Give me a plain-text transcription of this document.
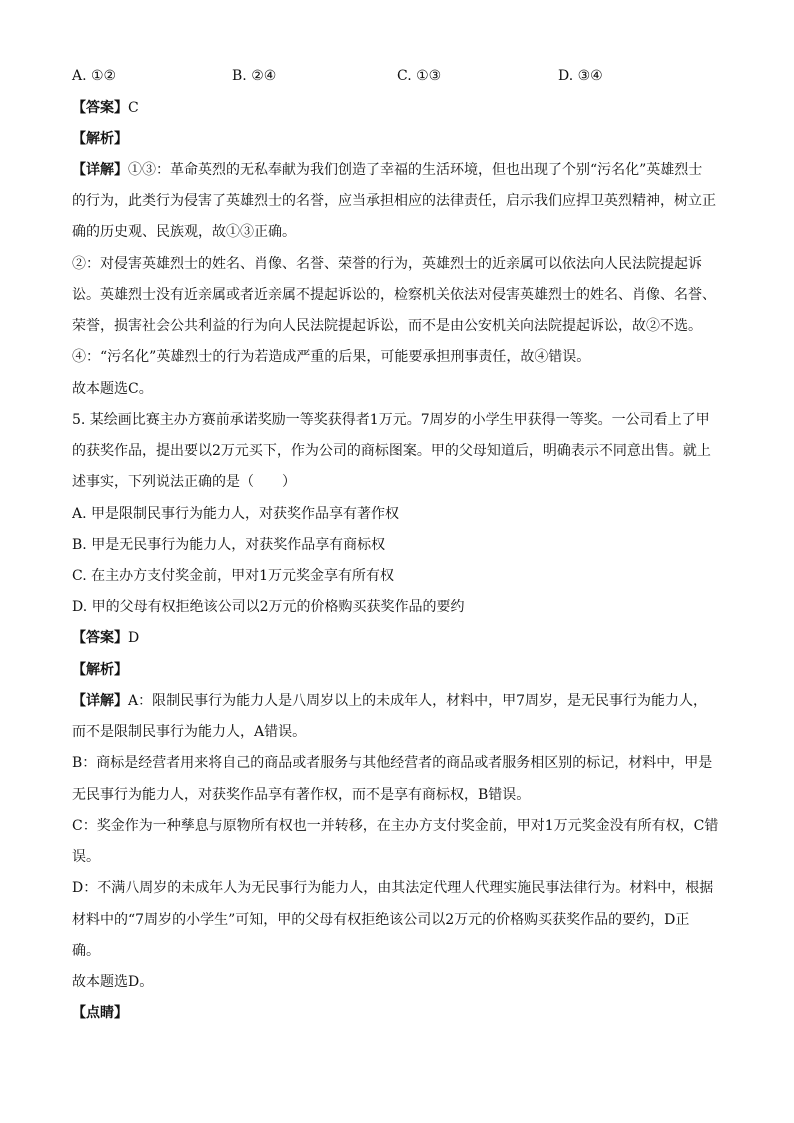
A. ①②	B. ②④	C. ①③	D. ③④
【答案】C
【解析】
【详解】①③：革命英烈的无私奉献为我们创造了幸福的生活环境，但也出现了个别“污名化”英雄烈士
的行为，此类行为侵害了英雄烈士的名誉，应当承担相应的法律责任，启示我们应捍卫英烈精神，树立正
确的历史观、民族观，故①③正确。
②：对侵害英雄烈士的姓名、肖像、名誉、荣誉的行为，英雄烈士的近亲属可以依法向人民法院提起诉
讼。英雄烈士没有近亲属或者近亲属不提起诉讼的，检察机关依法对侵害英雄烈士的姓名、肖像、名誉、
荣誉，损害社会公共利益的行为向人民法院提起诉讼，而不是由公安机关向法院提起诉讼，故②不选。
④：“污名化”英雄烈士的行为若造成严重的后果，可能要承担刑事责任，故④错误。
故本题选C。
5. 某绘画比赛主办方赛前承诺奖励一等奖获得者1万元。7周岁的小学生甲获得一等奖。一公司看上了甲
的获奖作品，提出要以2万元买下，作为公司的商标图案。甲的父母知道后，明确表示不同意出售。就上
述事实，下列说法正确的是（　　）
A. 甲是限制民事行为能力人，对获奖作品享有著作权
B. 甲是无民事行为能力人，对获奖作品享有商标权
C. 在主办方支付奖金前，甲对1万元奖金享有所有权
D. 甲的父母有权拒绝该公司以2万元的价格购买获奖作品的要约
【答案】D
【解析】
【详解】A：限制民事行为能力人是八周岁以上的未成年人，材料中，甲7周岁，是无民事行为能力人，
而不是限制民事行为能力人，A错误。
B：商标是经营者用来将自己的商品或者服务与其他经营者的商品或者服务相区别的标记，材料中，甲是
无民事行为能力人，对获奖作品享有著作权，而不是享有商标权，B错误。
C：奖金作为一种孳息与原物所有权也一并转移，在主办方支付奖金前，甲对1万元奖金没有所有权，C错
误。
D：不满八周岁的未成年人为无民事行为能力人，由其法定代理人代理实施民事法律行为。材料中，根据
材料中的“7周岁的小学生”可知，甲的父母有权拒绝该公司以2万元的价格购买获奖作品的要约，D正
确。
故本题选D。
【点睛】
